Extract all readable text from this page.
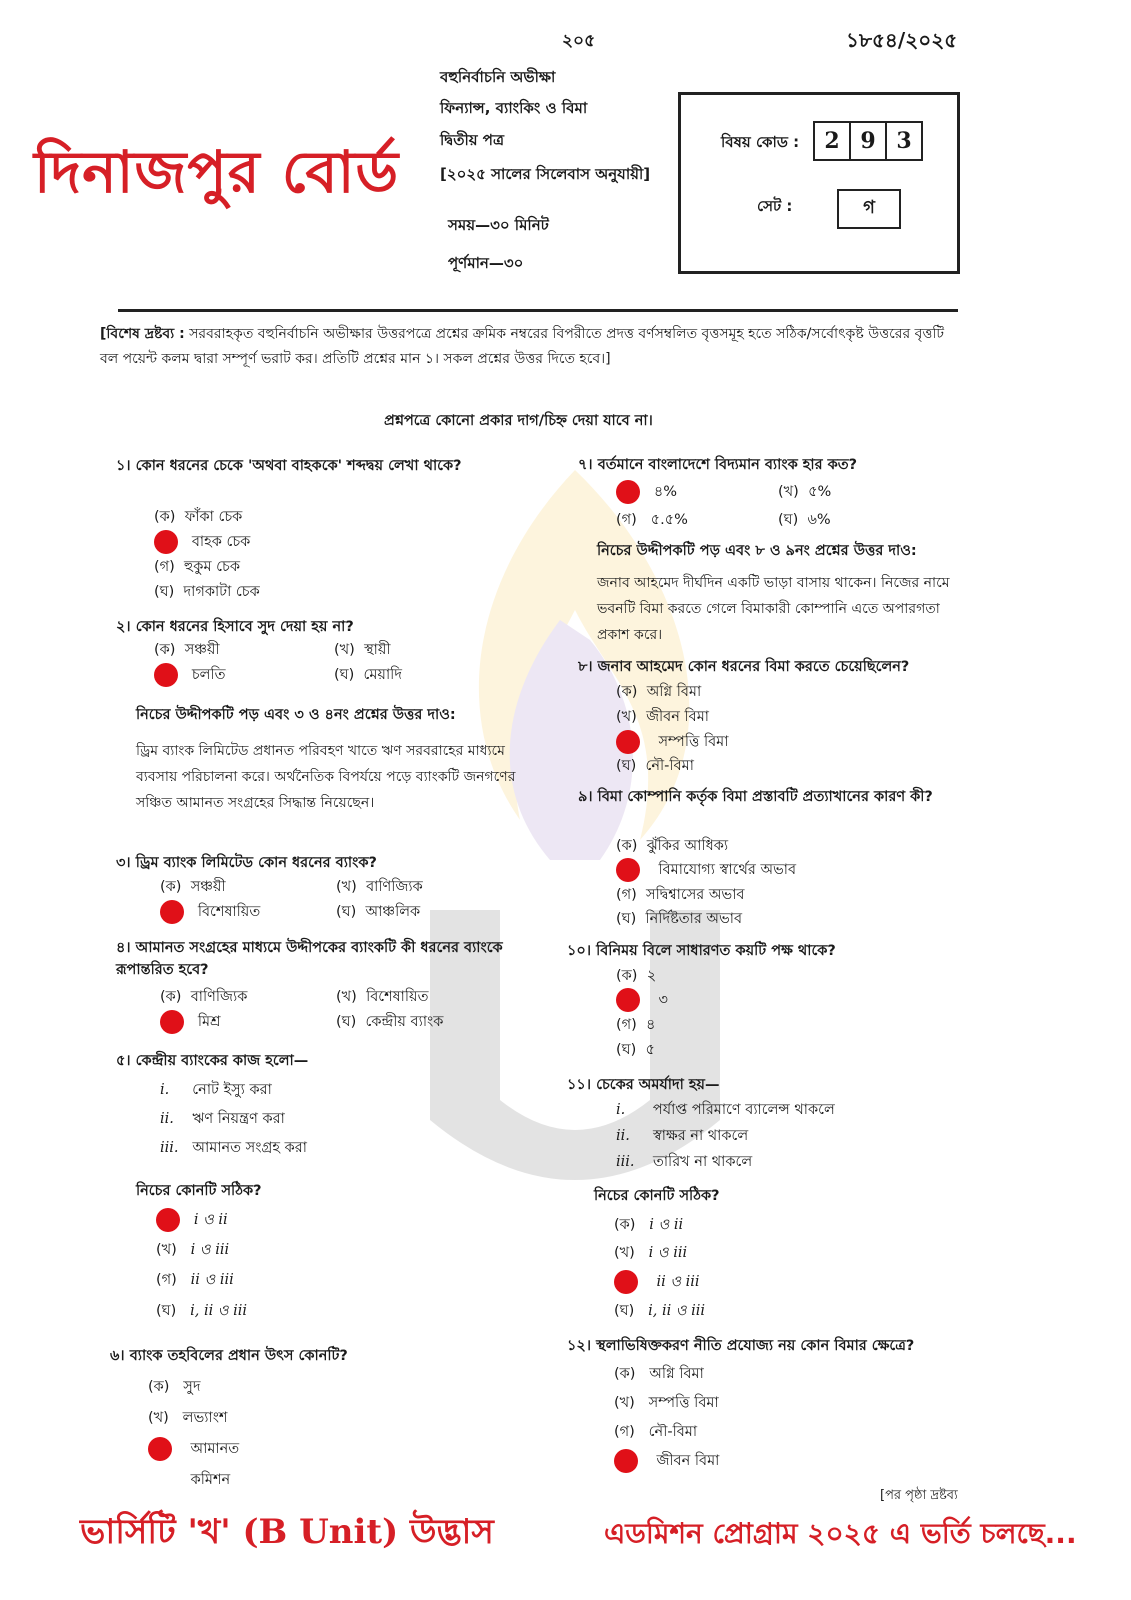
২০৫	১৮৫৪/২০২৫
বহুনির্বাচনি অভীক্ষা
ফিন্যান্স, ব্যাংকিং ও বিমা
দ্বিতীয় পত্র
[২০২৫ সালের সিলেবাস অনুযায়ী]
সময়—৩০ মিনিট
পূর্ণমান—৩০
দিনাজপুর বোর্ড	বিষয় কোড :	2 9 3
সেট :	গ
[বিশেষ দ্রষ্টব্য : সরবরাহকৃত বহুনির্বাচনি অভীক্ষার উত্তরপত্রে প্রশ্নের ক্রমিক নম্বরের বিপরীতে প্রদত্ত বর্ণসম্বলিত বৃত্তসমূহ হতে সঠিক/সর্বোৎকৃষ্ট উত্তরের বৃত্তটি বল পয়েন্ট কলম দ্বারা সম্পূর্ণ ভরাট কর। প্রতিটি প্রশ্নের মান ১। সকল প্রশ্নের উত্তর দিতে হবে।]
প্রশ্নপত্রে কোনো প্রকার দাগ/চিহ্ন দেয়া যাবে না।
১। কোন ধরনের চেকে 'অথবা বাহককে' শব্দদ্বয় লেখা থাকে?
(ক) ফাঁকা চেক
বাহক চেক
(গ) হুকুম চেক
(ঘ) দাগকাটা চেক
২। কোন ধরনের হিসাবে সুদ দেয়া হয় না?
(ক) সঞ্চয়ী	(খ) স্থায়ী
চলতি	(ঘ) মেয়াদি
নিচের উদ্দীপকটি পড় এবং ৩ ও ৪নং প্রশ্নের উত্তর দাও:
ড্রিম ব্যাংক লিমিটেড প্রধানত পরিবহণ খাতে ঋণ সরবরাহের মাধ্যমে ব্যবসায় পরিচালনা করে। অর্থনৈতিক বিপর্যয়ে পড়ে ব্যাংকটি জনগণের সঞ্চিত আমানত সংগ্রহের সিদ্ধান্ত নিয়েছেন।
৩। ড্রিম ব্যাংক লিমিটেড কোন ধরনের ব্যাংক?
(ক) সঞ্চয়ী	(খ) বাণিজ্যিক
বিশেষায়িত	(ঘ) আঞ্চলিক
৪। আমানত সংগ্রহের মাধ্যমে উদ্দীপকের ব্যাংকটি কী ধরনের ব্যাংকে রূপান্তরিত হবে?
(ক) বাণিজ্যিক	(খ) বিশেষায়িত
মিশ্র	(ঘ) কেন্দ্রীয় ব্যাংক
৫। কেন্দ্রীয় ব্যাংকের কাজ হলো—
i. নোট ইস্যু করা
ii. ঋণ নিয়ন্ত্রণ করা
iii. আমানত সংগ্রহ করা
নিচের কোনটি সঠিক?
i ও ii
(খ) i ও iii
(গ) ii ও iii
(ঘ) i, ii ও iii
৬। ব্যাংক তহবিলের প্রধান উৎস কোনটি?
(ক) সুদ
(খ) লভ্যাংশ
আমানত
কমিশন
৭। বর্তমানে বাংলাদেশে বিদ্যমান ব্যাংক হার কত?
৪%	(খ) ৫%
(গ) ৫.৫%	(ঘ) ৬%
নিচের উদ্দীপকটি পড় এবং ৮ ও ৯নং প্রশ্নের উত্তর দাও:
জনাব আহমেদ দীর্ঘদিন একটি ভাড়া বাসায় থাকেন। নিজের নামে ভবনটি বিমা করতে গেলে বিমাকারী কোম্পানি এতে অপারগতা প্রকাশ করে।
৮। জনাব আহমেদ কোন ধরনের বিমা করতে চেয়েছিলেন?
(ক) অগ্নি বিমা
(খ) জীবন বিমা
সম্পত্তি বিমা
(ঘ) নৌ-বিমা
৯। বিমা কোম্পানি কর্তৃক বিমা প্রস্তাবটি প্রত্যাখানের কারণ কী?
(ক) ঝুঁকির আধিক্য
বিমাযোগ্য স্বার্থের অভাব
(গ) সদ্বিশ্বাসের অভাব
(ঘ) নির্দিষ্টতার অভাব
১০। বিনিময় বিলে সাধারণত কয়টি পক্ষ থাকে?
(ক) ২
৩
(গ) ৪
(ঘ) ৫
১১। চেকের অমর্যাদা হয়—
i. পর্যাপ্ত পরিমাণে ব্যালেন্স থাকলে
ii. স্বাক্ষর না থাকলে
iii. তারিখ না থাকলে
নিচের কোনটি সঠিক?
(ক) i ও ii
(খ) i ও iii
ii ও iii
(ঘ) i, ii ও iii
১২। স্থলাভিষিক্তকরণ নীতি প্রযোজ্য নয় কোন বিমার ক্ষেত্রে?
(ক) অগ্নি বিমা
(খ) সম্পত্তি বিমা
(গ) নৌ-বিমা
জীবন বিমা
[পর পৃষ্ঠা দ্রষ্টব্য
ভার্সিটি 'খ' (B Unit) উদ্ভাস	এডমিশন প্রোগ্রাম ২০২৫ এ ভর্তি চলছে...
